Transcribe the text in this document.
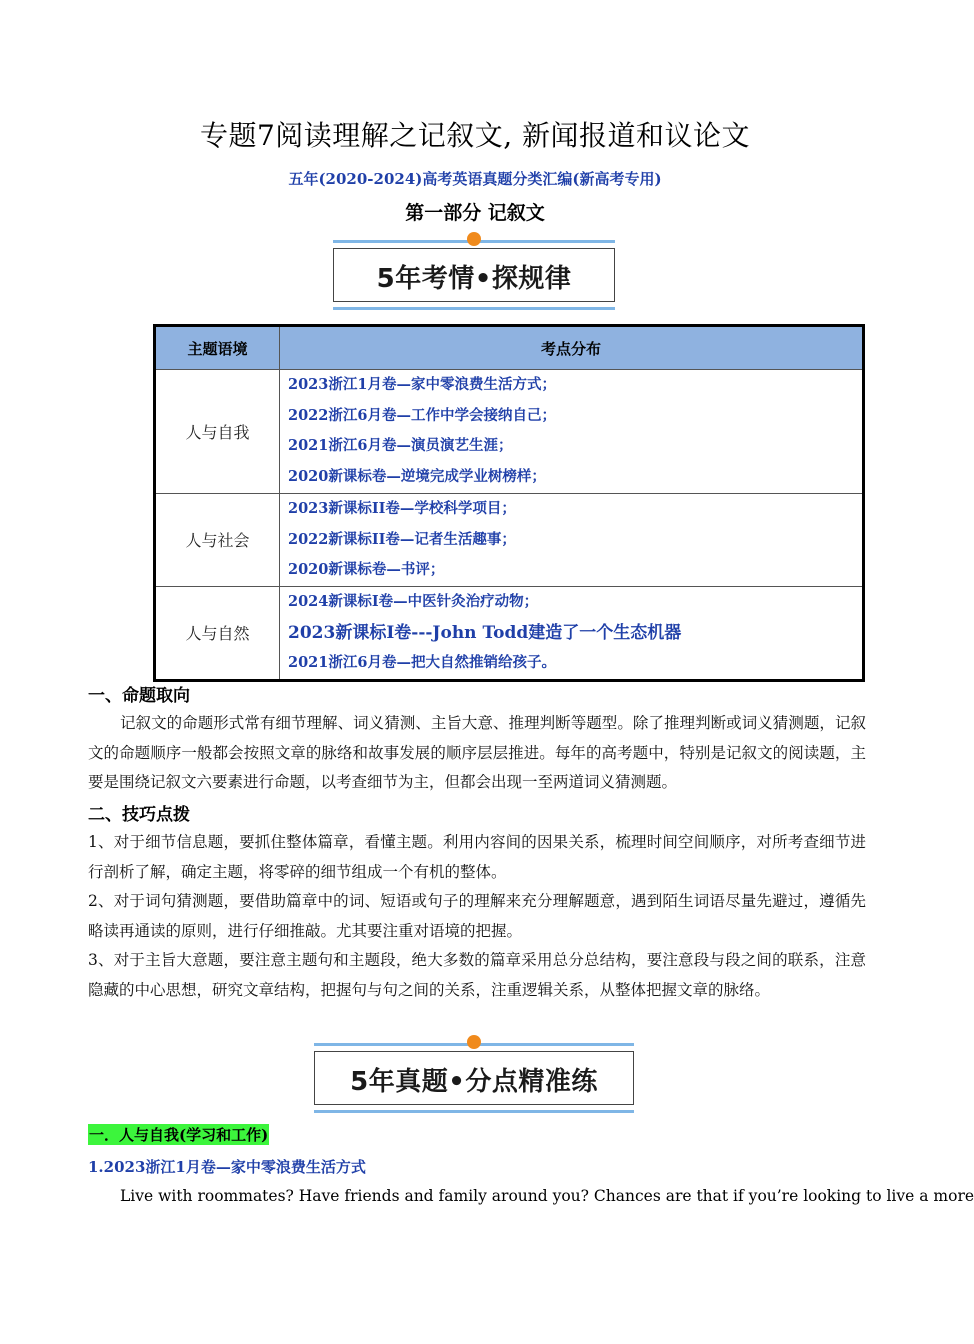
专题7阅读理解之记叙文, 新闻报道和议论文
五年(2020-2024)高考英语真题分类汇编(新高考专用)
第一部分 记叙文
5年考情•探规律
主题语境	考点分布
人与自我	2023浙江1月卷—家中零浪费生活方式；
2022浙江6月卷—工作中学会接纳自己；
2021浙江6月卷—演员演艺生涯；
2020新课标卷—逆境完成学业树榜样；

人与社会	2023新课标II卷—学校科学项目；
2022新课标II卷—记者生活趣事；
2020新课标卷—书评；

人与自然	2024新课标I卷—中医针灸治疗动物；
2023新课标I卷---John Todd建造了一个生态机器
2021浙江6月卷—把大自然推销给孩子。
一、命题取向
记叙文的命题形式常有细节理解、词义猜测、主旨大意、推理判断等题型。除了推理判断或词义猜测题，记叙文的命题顺序一般都会按照文章的脉络和故事发展的顺序层层推进。每年的高考题中，特别是记叙文的阅读题，主要是围绕记叙文六要素进行命题，以考查细节为主，但都会出现一至两道词义猜测题。
二、技巧点拨
1、对于细节信息题，要抓住整体篇章，看懂主题。利用内容间的因果关系，梳理时间空间顺序，对所考查细节进行剖析了解，确定主题，将零碎的细节组成一个有机的整体。
2、对于词句猜测题，要借助篇章中的词、短语或句子的理解来充分理解题意，遇到陌生词语尽量先避过，遵循先略读再通读的原则，进行仔细推敲。尤其要注重对语境的把握。
3、对于主旨大意题，要注意主题句和主题段，绝大多数的篇章采用总分总结构，要注意段与段之间的联系，注意隐藏的中心思想，研究文章结构，把握句与句之间的关系，注重逻辑关系，从整体把握文章的脉络。
5年真题•分点精准练
一．人与自我(学习和工作)
1.2023浙江1月卷—家中零浪费生活方式
Live with roommates? Have friends and family around you? Chances are that if you’re looking to live a more
